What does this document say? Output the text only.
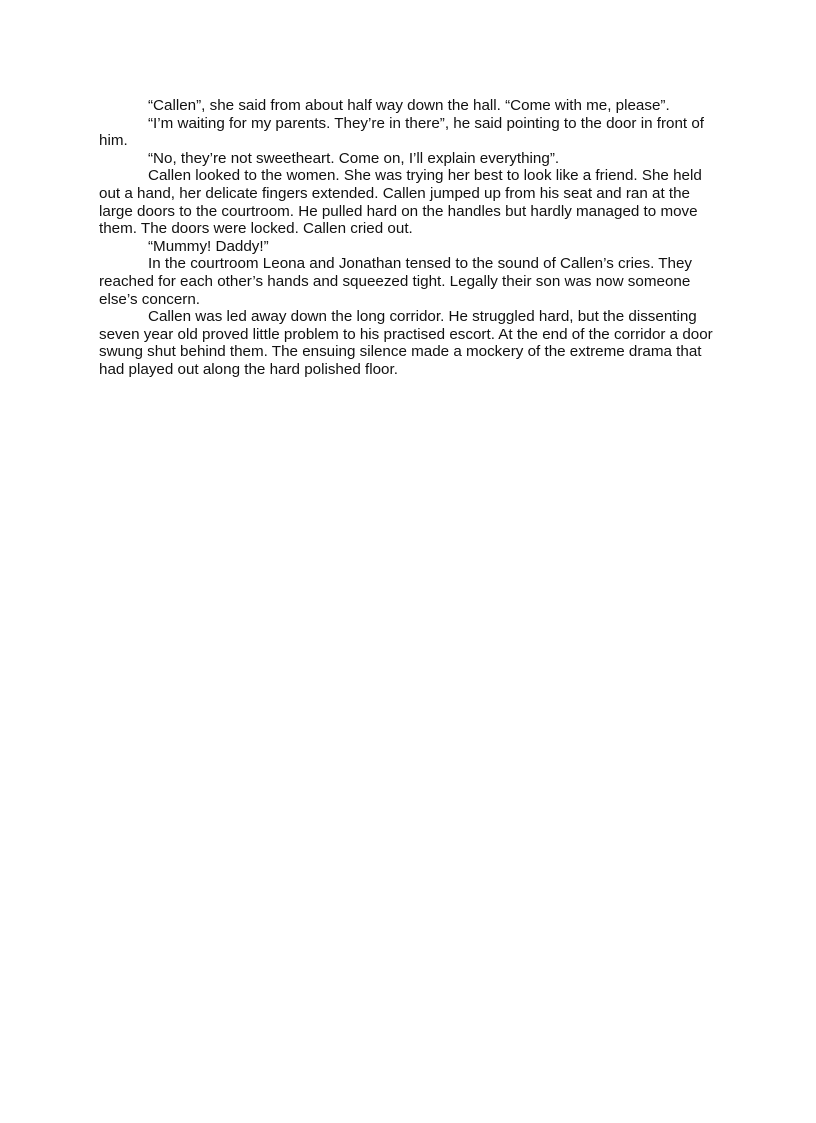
“Callen”, she said from about half way down the hall. “Come with me, please”.

“I’m waiting for my parents. They’re in there”, he said pointing to the door in front of him.

“No, they’re not sweetheart. Come on, I’ll explain everything”.

Callen looked to the women. She was trying her best to look like a friend. She held out a hand, her delicate fingers extended. Callen jumped up from his seat and ran at the large doors to the courtroom. He pulled hard on the handles but hardly managed to move them. The doors were locked. Callen cried out.

“Mummy! Daddy!”

In the courtroom Leona and Jonathan tensed to the sound of Callen’s cries. They reached for each other’s hands and squeezed tight. Legally their son was now someone else’s concern.

Callen was led away down the long corridor. He struggled hard, but the dissenting seven year old proved little problem to his practised escort. At the end of the corridor a door swung shut behind them. The ensuing silence made a mockery of the extreme drama that had played out along the hard polished floor.
